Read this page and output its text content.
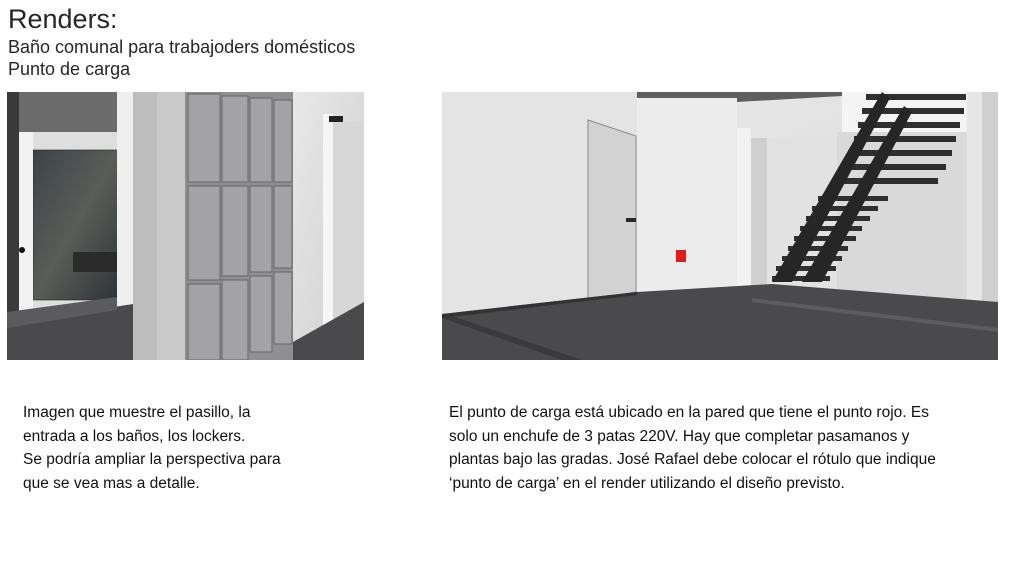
Renders:
Baño comunal para trabajoders domésticos
Punto de carga
Imagen que muestre el pasillo, la
entrada a los baños, los lockers.
Se podría ampliar la perspectiva para
que se vea mas a detalle.
El punto de carga está ubicado en la pared que tiene el punto rojo. Es
solo un enchufe de 3 patas 220V. Hay que completar pasamanos y
plantas bajo las gradas. José Rafael debe colocar el rótulo que indique
‘punto de carga’ en el render utilizando el diseño previsto.
